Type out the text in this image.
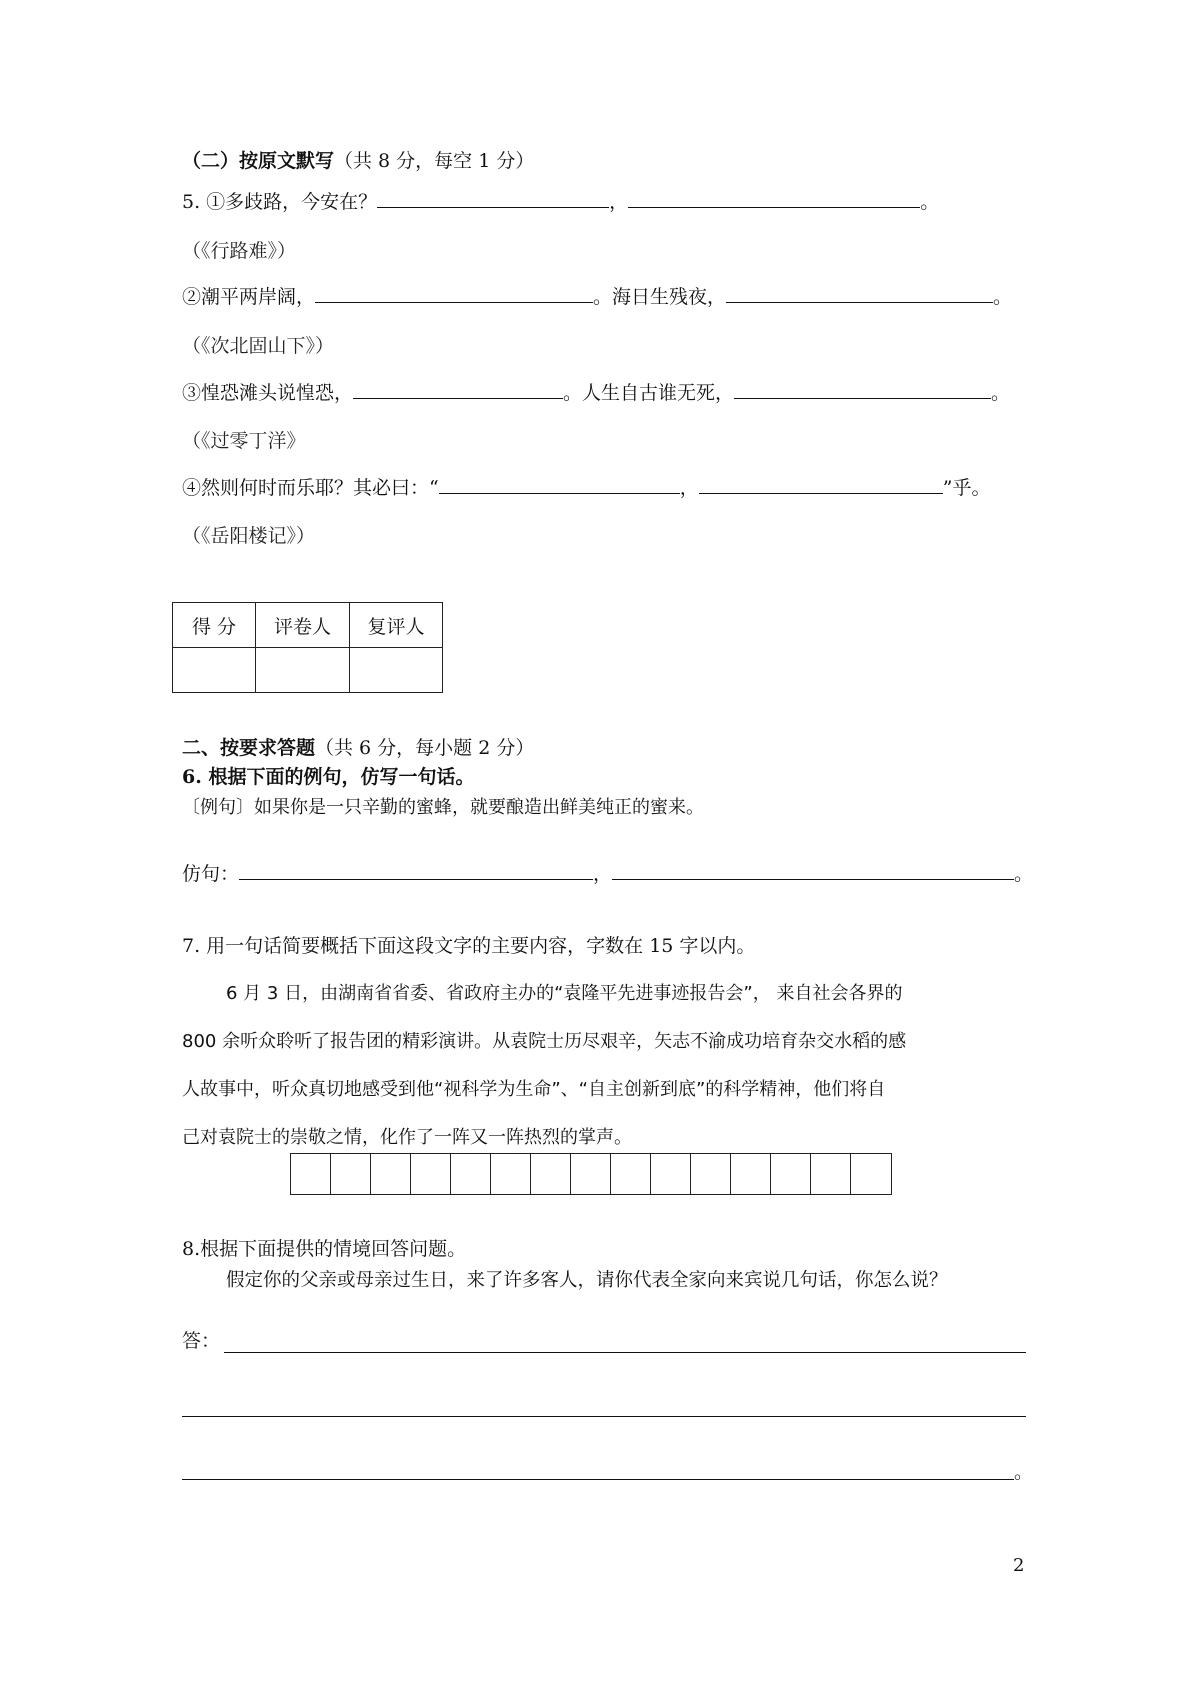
（二）按原文默写（共 8 分，每空 1 分）
5. ①多歧路，今安在？	，	。
（《行路难》）
②潮平两岸阔，	。海日生残夜，	。
（《次北固山下》）
③惶恐滩头说惶恐，	。人生自古谁无死，	。
（《过零丁洋》
④然则何时而乐耶？其必曰：“	，	”乎。
（《岳阳楼记》）
得 分	评卷人	复评人

二、按要求答题（共 6 分，每小题 2 分）
6. 根据下面的例句，仿写一句话。
〔例句〕如果你是一只辛勤的蜜蜂，就要酿造出鲜美纯正的蜜来。
仿句：	，	。
7. 用一句话简要概括下面这段文字的主要内容，字数在 15 字以内。
6 月 3 日，由湖南省省委、省政府主办的“袁隆平先进事迹报告会”， 来自社会各界的
800 余听众聆听了报告团的精彩演讲。从袁院士历尽艰辛，矢志不渝成功培育杂交水稻的感
人故事中，听众真切地感受到他“视科学为生命”、“自主创新到底”的科学精神，他们将自
己对袁院士的崇敬之情，化作了一阵又一阵热烈的掌声。
8.根据下面提供的情境回答问题。
假定你的父亲或母亲过生日，来了许多客人，请你代表全家向来宾说几句话，你怎么说？
答：
。
2
